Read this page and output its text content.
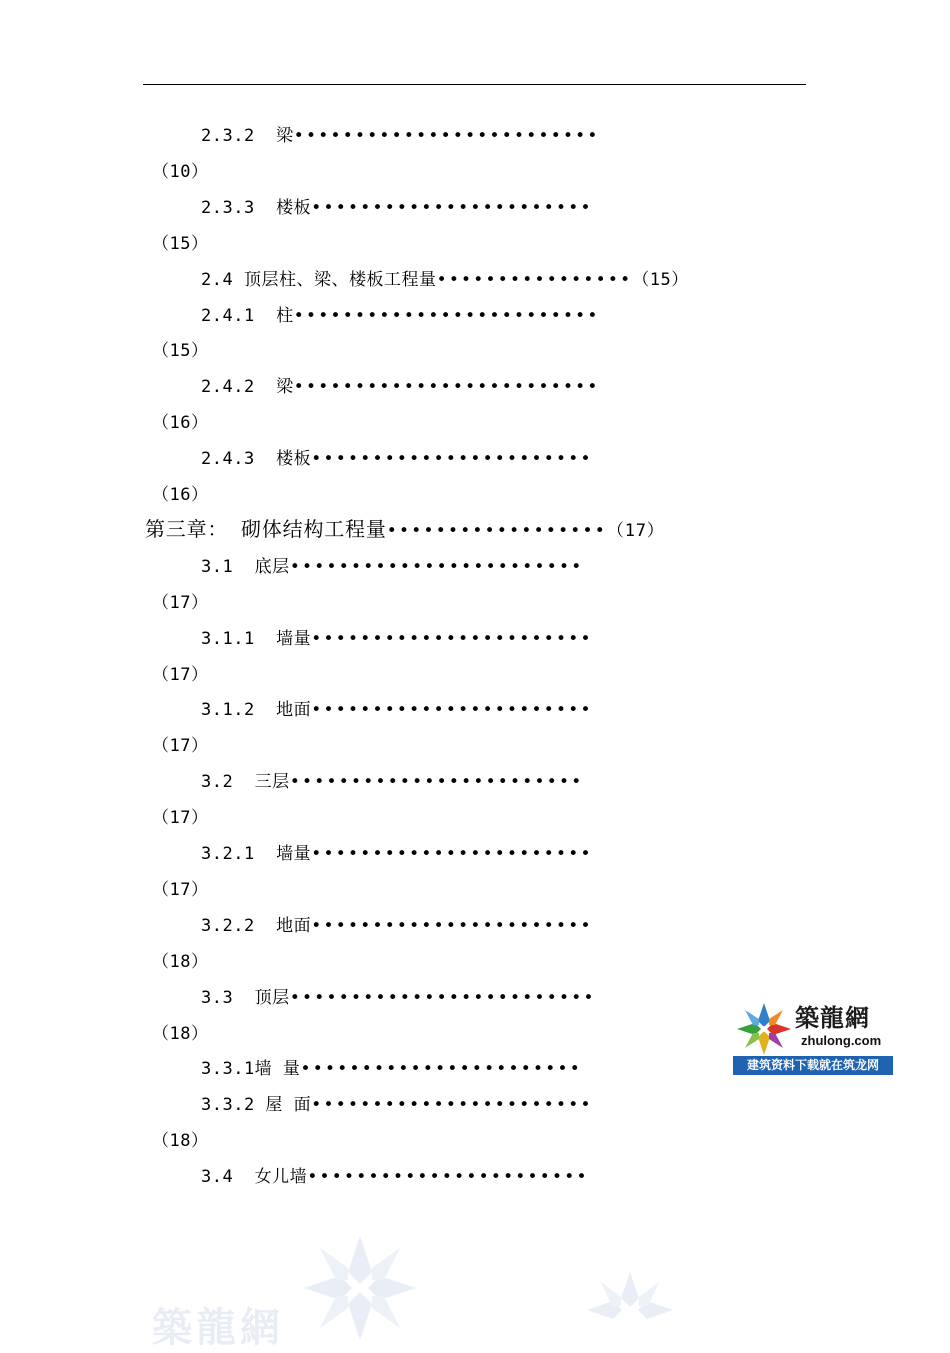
2.3.2  梁•••••••••••••••••••••••••
（10）
2.3.3  楼板•••••••••••••••••••••••
（15）
2.4 顶层柱、梁、楼板工程量••••••••••••••••（15）
2.4.1  柱•••••••••••••••••••••••••
（15）
2.4.2  梁•••••••••••••••••••••••••
（16）
2.4.3  楼板•••••••••••••••••••••••
（16）
第三章： 砌体结构工程量••••••••••••••••••（17）
3.1  底层••••••••••••••••••••••••
（17）
3.1.1  墙量•••••••••••••••••••••••
（17）
3.1.2  地面•••••••••••••••••••••••
（17）
3.2  三层••••••••••••••••••••••••
（17）
3.2.1  墙量•••••••••••••••••••••••
（17）
3.2.2  地面•••••••••••••••••••••••
（18）
3.3  顶层•••••••••••••••••••••••••
（18）
3.3.1墙 量•••••••••••••••••••••••
3.3.2 屋 面•••••••••••••••••••••••
（18）
3.4  女儿墙•••••••••••••••••••••••
築龍網
zhulong.com
建筑资料下载就在筑龙网
築龍網
